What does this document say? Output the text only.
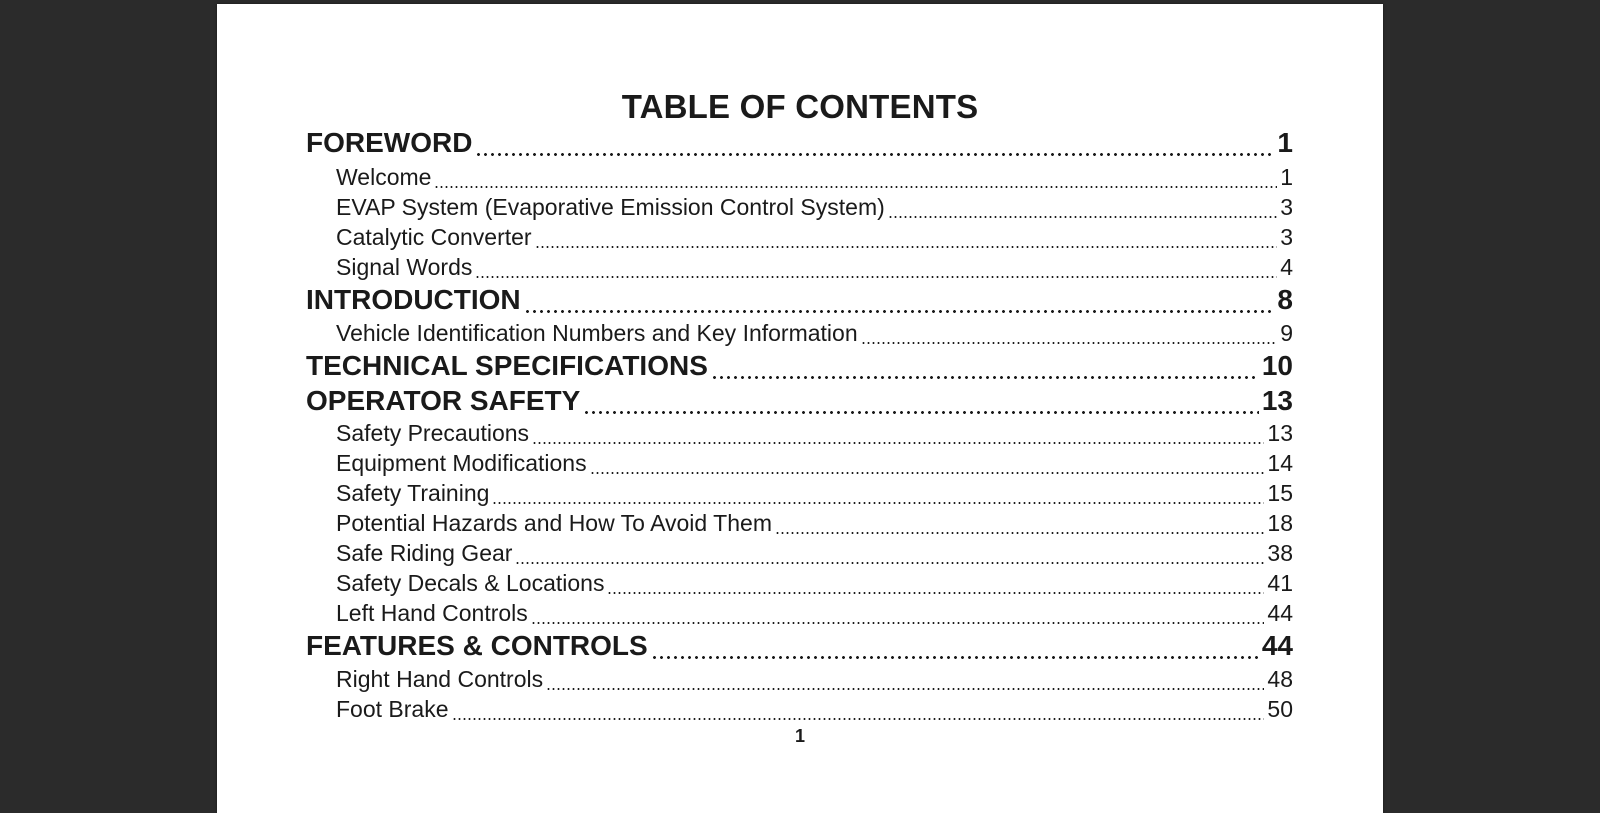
TABLE OF CONTENTS
FOREWORD	1
Welcome	1
EVAP System (Evaporative Emission Control System)	3
Catalytic Converter	3
Signal Words	4
INTRODUCTION	8
Vehicle Identification Numbers and Key Information	9
TECHNICAL SPECIFICATIONS	10
OPERATOR SAFETY	13
Safety Precautions	13
Equipment Modifications	14
Safety Training	15
Potential Hazards and How To Avoid Them	18
Safe Riding Gear	38
Safety Decals & Locations	41
Left Hand Controls	44
FEATURES & CONTROLS	44
Right Hand Controls	48
Foot Brake	50
1
